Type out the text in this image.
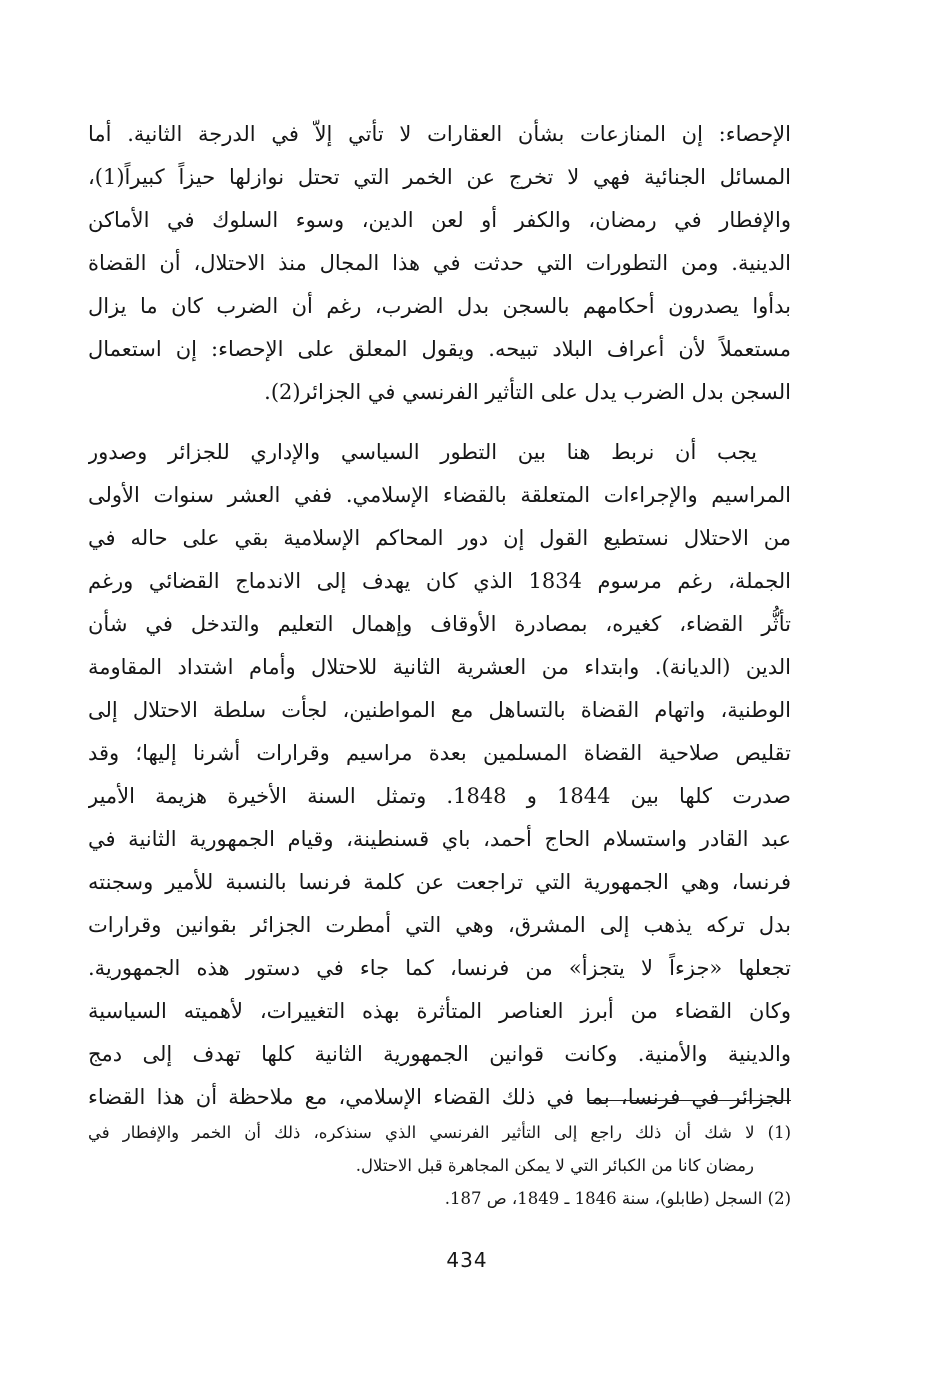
الإحصاء: إن المنازعات بشأن العقارات لا تأتي إلاّ في الدرجة الثانية. أما
المسائل الجنائية فهي لا تخرج عن الخمر التي تحتل نوازلها حيزاً كبيراً(1)،
والإفطار في رمضان، والكفر أو لعن الدين، وسوء السلوك في الأماكن
الدينية. ومن التطورات التي حدثت في هذا المجال منذ الاحتلال، أن القضاة
بدأوا يصدرون أحكامهم بالسجن بدل الضرب، رغم أن الضرب كان ما يزال
مستعملاً لأن أعراف البلاد تبيحه. ويقول المعلق على الإحصاء: إن استعمال
السجن بدل الضرب يدل على التأثير الفرنسي في الجزائر(2).
يجب أن نربط هنا بين التطور السياسي والإداري للجزائر وصدور
المراسيم والإجراءات المتعلقة بالقضاء الإسلامي. ففي العشر سنوات الأولى
من الاحتلال نستطيع القول إن دور المحاكم الإسلامية بقي على حاله في
الجملة، رغم مرسوم 1834 الذي كان يهدف إلى الاندماج القضائي ورغم
تأثُّر القضاء، كغيره، بمصادرة الأوقاف وإهمال التعليم والتدخل في شأن
الدين (الديانة). وابتداء من العشرية الثانية للاحتلال وأمام اشتداد المقاومة
الوطنية، واتهام القضاة بالتساهل مع المواطنين، لجأت سلطة الاحتلال إلى
تقليص صلاحية القضاة المسلمين بعدة مراسيم وقرارات أشرنا إليها؛ وقد
صدرت كلها بين 1844 و 1848. وتمثل السنة الأخيرة هزيمة الأمير
عبد القادر واستسلام الحاج أحمد، باي قسنطينة، وقيام الجمهورية الثانية في
فرنسا، وهي الجمهورية التي تراجعت عن كلمة فرنسا بالنسبة للأمير وسجنته
بدل تركه يذهب إلى المشرق، وهي التي أمطرت الجزائر بقوانين وقرارات
تجعلها «جزءاً لا يتجزأ» من فرنسا، كما جاء في دستور هذه الجمهورية.
وكان القضاء من أبرز العناصر المتأثرة بهذه التغييرات، لأهميته السياسية
والدينية والأمنية. وكانت قوانين الجمهورية الثانية كلها تهدف إلى دمج
الجزائر في فرنسا، بما في ذلك القضاء الإسلامي، مع ملاحظة أن هذا القضاء
(1) لا شك أن ذلك راجع إلى التأثير الفرنسي الذي سنذكره، ذلك أن الخمر والإفطار في
رمضان كانا من الكبائر التي لا يمكن المجاهرة قبل الاحتلال.
(2) السجل (طابلو)، سنة 1846 ـ 1849، ص 187.
434
